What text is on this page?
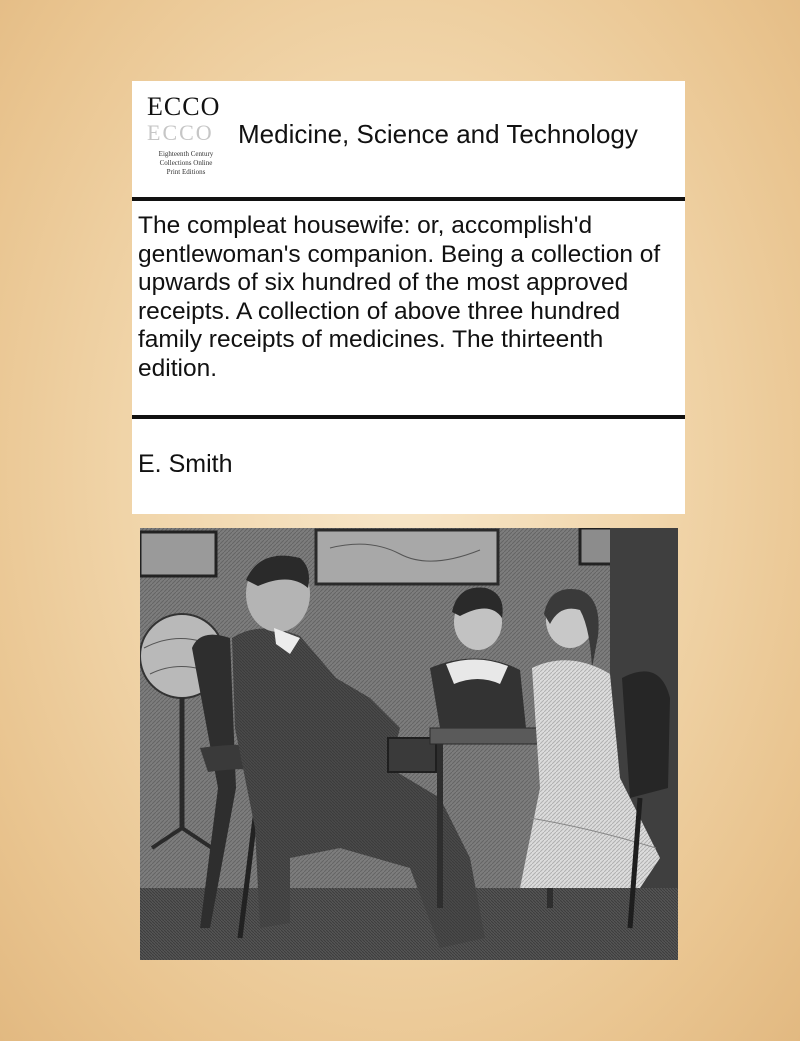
ECCO
ECCO
Eighteenth Century
Collections Online
Print Editions
Medicine, Science and Technology
The compleat housewife: or, accomplish'd gentlewoman's companion. Being a collection of upwards of six hundred of the most approved receipts. A collection of above three hundred family receipts of medicines. The thirteenth edition.
E. Smith
